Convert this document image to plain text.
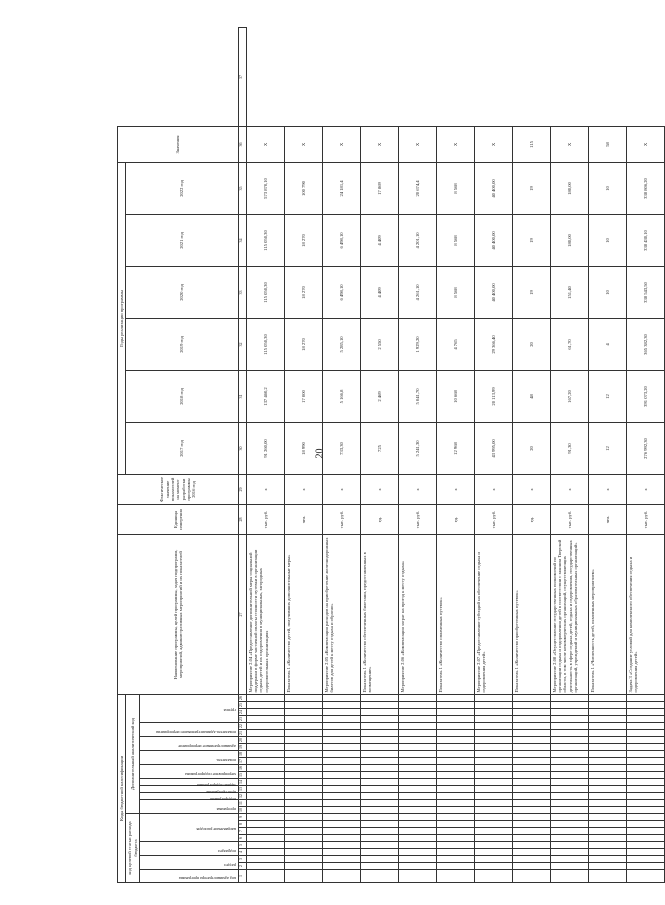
20
Коды бюджетной классификации																										Наименование программы, целей программы, задач подпрограмм, мероприятий, административных мероприятий и их показателей	Единица измерения	Фактическое значение показателей на момент разработки программы 2016 год	Годы реализации программы						Значения	
код целевой статьи расхода бюджета									Дополнительный аналитический код																				2017 год	2018 год	2019 год	2020 год	2021 год	2022 год		

код администратора программы	раздел		подраздел		направление расходов				программа		подпрограмма	цель программы	задача подпрограммы	мероприятие подпрограммы		показатель		административное мероприятие		показатель административного мероприятия		группа														

1	2	3	4	5	6	7	8	9	10	11	12	13	14	15	16	17	18	19	20	21	22	23	24	25	26	27	28	29	30	31	32	33	34	35	36	37
																										Мероприятие 2.04 «Предоставление дополнительной меры социальной поддержки в форме частичной оплаты стоимости путевки в организации отдыха детей и их оздоровления в муниципальных, загородных оздоровительных организациях	тыс. руб.	х	91 260,00	137 460,2	115 050,30	115 050,30	115 050,30	573 870,10	Х	
																										Показатель 1 «Количество детей, получивших дополнительные меры»	чел.	х	18 990	17 000	18 270	18 270	18 270	100 790	Х	
																										Мероприятие 2.05 «Компенсация расходов на приобретение железнодорожных билетов для детей к месту отдыха и обратно»	тыс. руб.	х	733,30	5 166,8	5 285,10	6 498,10	6 498,10	24 181,4	Х	
																										Показатель 1 «Количество обеспеченных билетами, предоставленных в возмещение»	ед.	х	725	2 469	2 550	4 409	4 409	17 869	Х	
																										Мероприятие 2.06 «Компенсация затрат на проезд к месту отдыха»	тыс. руб.	х	5 241,30	5 041,70	1 929,20	4 261,10	4 201,10	20 674,4	Х	
																										Показатель 1 «Количество оплаченных путевок»	ед.	х	12 968	10 668	4 765	8 568	8 568	8 568	Х	
																										Мероприятие 2.07 «Предоставление субсидий на обеспечение отдыха и оздоровления детей»	тыс. руб.	х	43 995,00	20 113,99	29 366,40	40 400,00	40 400,00	40 400,00	Х	
																										Показатель 1 «Количество приобретенных путевок»	ед.	х	20	48	20	19	19	19	115	
																										Мероприятие 2.08 «Осуществление государственных полномочий по организации отдыха и оздоровления детей в соответствии с законом Тверской области, в том числе некоммерческих организаций, осуществляющих деятельность в сфере отдыха детей, отдыха и оздоровления, государственных организаций, учреждений и муниципальных образовательных организаций»	тыс. руб.	х	91,30	167,20	61,70	151,40	180,00	180,00	Х	
																										Показатель 1 «Численность детей, охваченных мероприятием»	чел.	х	12	12	4	10	10	10	58	
																										Задача 3 «Создание условий для комплексного обеспечения отдыха и оздоровления детей»	тыс. руб.	х	276 992,30	391 073,20	365 382,30	338 543,50	338 430,10	338 806,20	Х	
